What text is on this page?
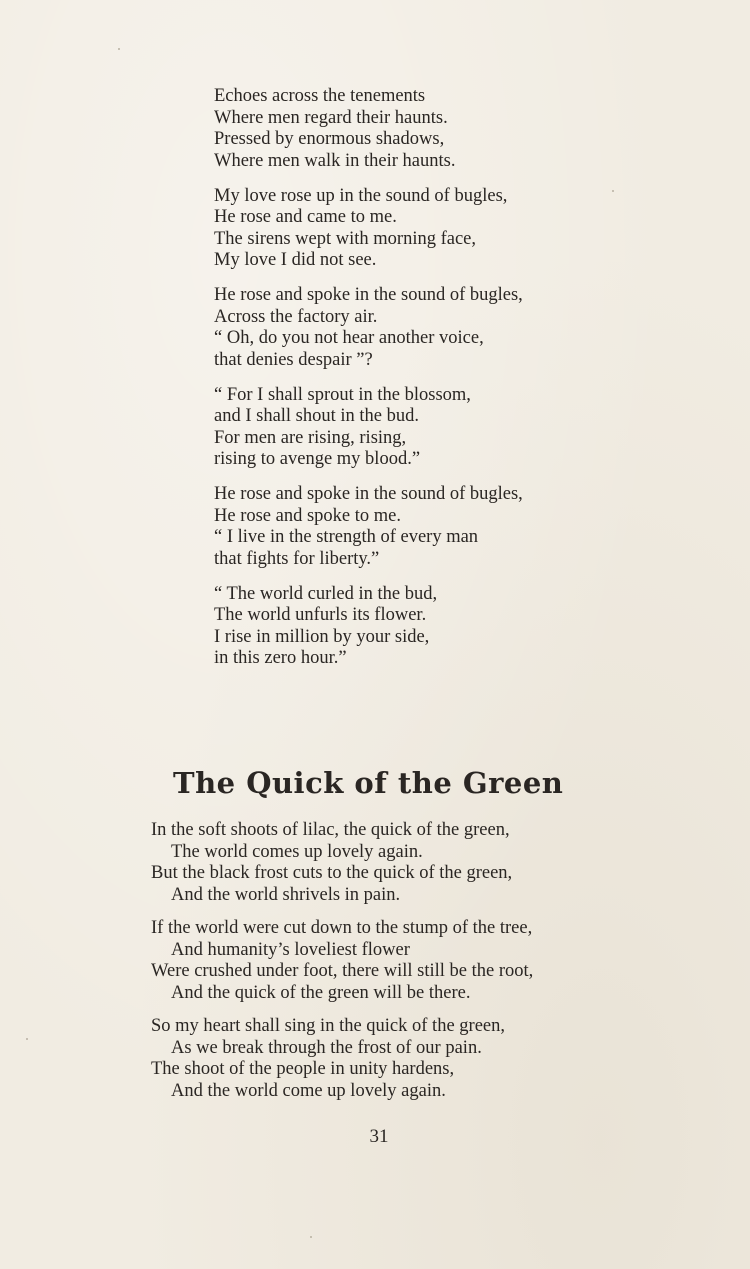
Echoes across the tenements
Where men regard their haunts.
Pressed by enormous shadows,
Where men walk in their haunts.
My love rose up in the sound of bugles,
He rose and came to me.
The sirens wept with morning face,
My love I did not see.
He rose and spoke in the sound of bugles,
Across the factory air.
“ Oh, do you not hear another voice,
that denies despair ”?
“ For I shall sprout in the blossom,
and I shall shout in the bud.
For men are rising, rising,
rising to avenge my blood.”
He rose and spoke in the sound of bugles,
He rose and spoke to me.
“ I live in the strength of every man
that fights for liberty.”
“ The world curled in the bud,
The world unfurls its flower.
I rise in million by your side,
in this zero hour.”
The Quick of the Green
In the soft shoots of lilac, the quick of the green,
The world comes up lovely again.
But the black frost cuts to the quick of the green,
And the world shrivels in pain.
If the world were cut down to the stump of the tree,
And humanity’s loveliest flower
Were crushed under foot, there will still be the root,
And the quick of the green will be there.
So my heart shall sing in the quick of the green,
As we break through the frost of our pain.
The shoot of the people in unity hardens,
And the world come up lovely again.
31
